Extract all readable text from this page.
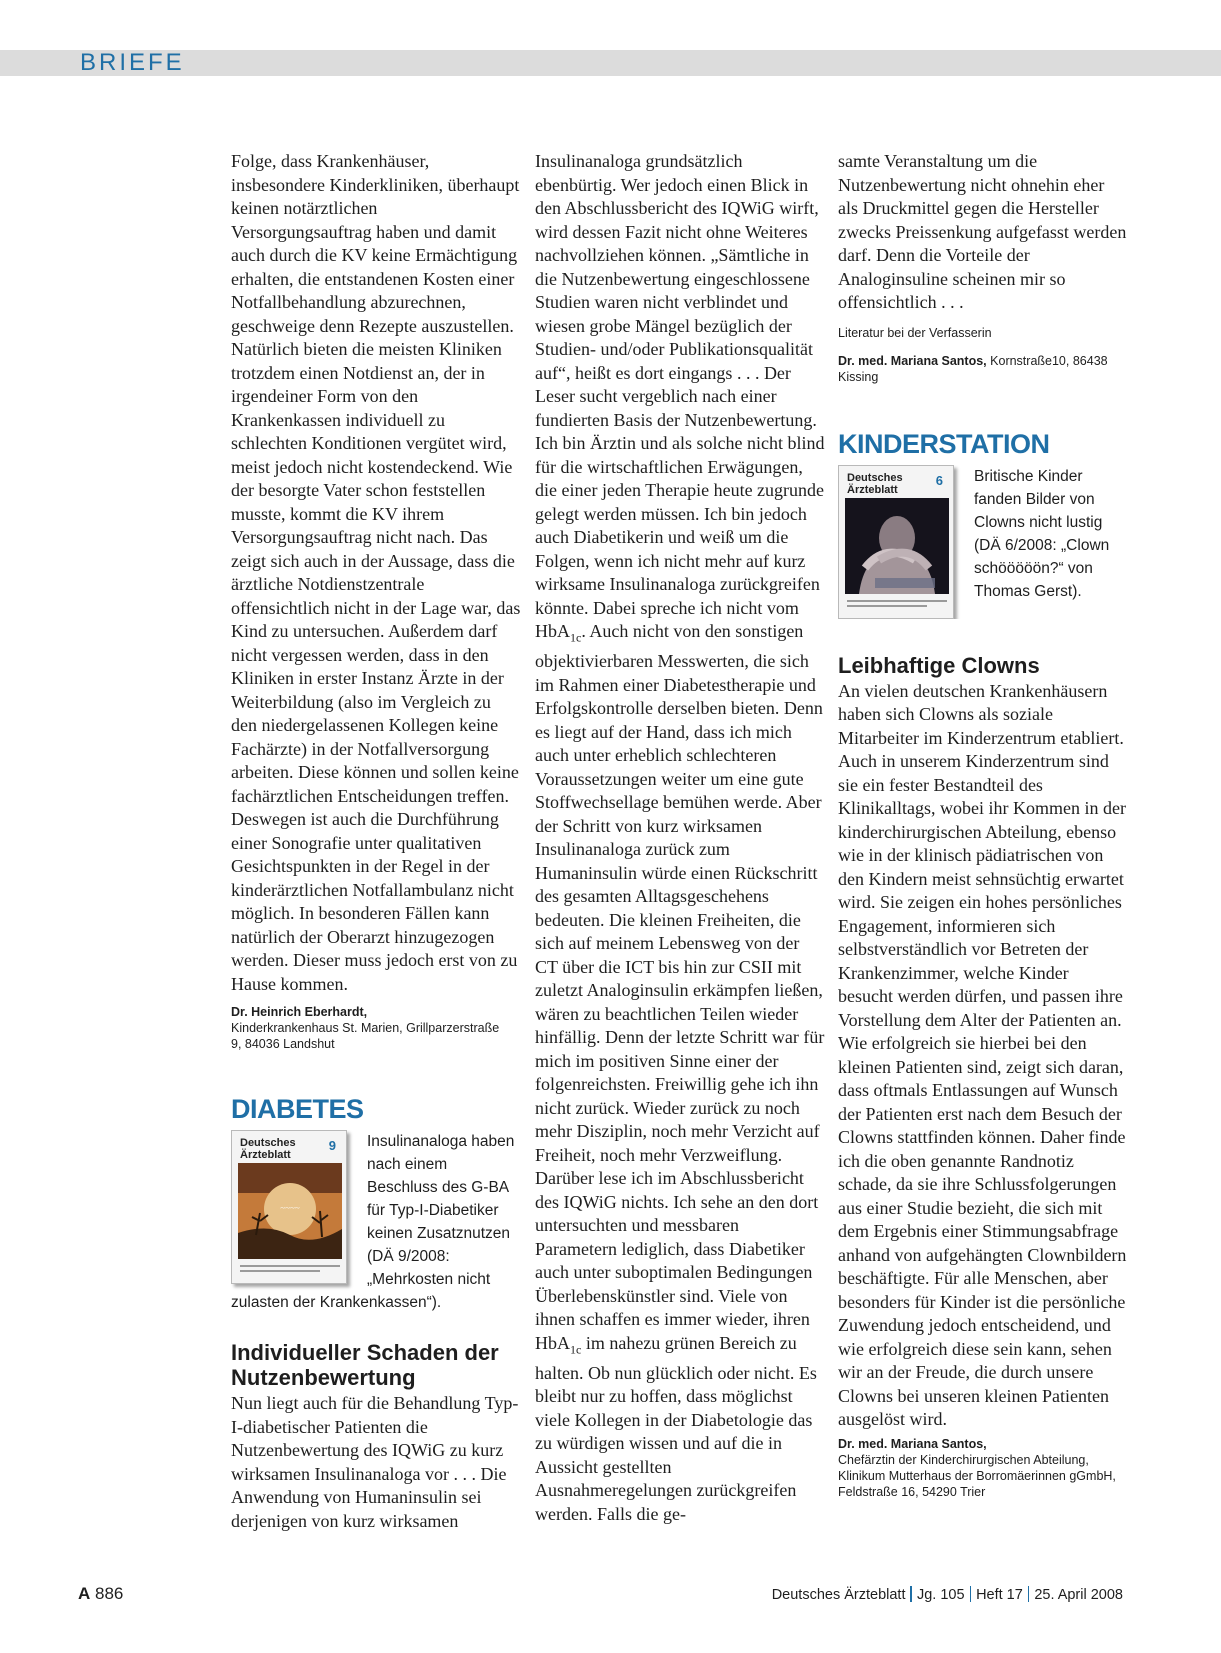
BRIEFE

Folge, dass Krankenhäuser, insbesondere Kinderkliniken, überhaupt keinen notärztlichen Versorgungsauftrag haben und damit auch durch die KV keine Ermächtigung erhalten, die entstandenen Kosten einer Notfallbehandlung abzurechnen, geschweige denn Rezepte auszustellen. Natürlich bieten die meisten Kliniken trotzdem einen Notdienst an, der in irgendeiner Form von den Krankenkassen individuell zu schlechten Konditionen vergütet wird, meist jedoch nicht kostendeckend. Wie der besorgte Vater schon feststellen musste, kommt die KV ihrem Versorgungsauftrag nicht nach. Das zeigt sich auch in der Aussage, dass die ärztliche Notdienstzentrale offensichtlich nicht in der Lage war, das Kind zu untersuchen. Außerdem darf nicht vergessen werden, dass in den Kliniken in erster Instanz Ärzte in der Weiterbildung (also im Vergleich zu den niedergelassenen Kollegen keine Fachärzte) in der Notfallversorgung arbeiten. Diese können und sollen keine fachärztlichen Entscheidungen treffen. Deswegen ist auch die Durchführung einer Sonografie unter qualitativen Gesichtspunkten in der Regel in der kinderärztlichen Notfallambulanz nicht möglich. In besonderen Fällen kann natürlich der Oberarzt hinzugezogen werden. Dieser muss jedoch erst von zu Hause kommen.

Dr. Heinrich Eberhardt,
Kinderkrankenhaus St. Marien, Grillparzerstraße 9, 84036 Landshut
DIABETES
Deutsches
Ärzteblatt
9
~~~~
Insulinanaloga haben nach einem Beschluss des G-BA für Typ-I-Diabetiker keinen Zusatznutzen (DÄ 9/2008: „Mehrkosten nicht zulasten der Krankenkassen“).
Individueller Schaden der Nutzenbewertung
Nun liegt auch für die Behandlung Typ-I-diabetischer Patienten die Nutzenbewertung des IQWiG zu kurz wirksamen Insulinanaloga vor . . . Die Anwendung von Humaninsulin sei derjenigen von kurz wirksamen
Insulinanaloga grundsätzlich ebenbürtig. Wer jedoch einen Blick in den Abschlussbericht des IQWiG wirft, wird dessen Fazit nicht ohne Weiteres nachvollziehen können. „Sämtliche in die Nutzenbewertung eingeschlossene Studien waren nicht verblindet und wiesen grobe Mängel bezüglich der Studien- und/oder Publikationsqualität auf“, heißt es dort eingangs . . . Der Leser sucht vergeblich nach einer fundierten Basis der Nutzenbewertung. Ich bin Ärztin und als solche nicht blind für die wirtschaftlichen Erwägungen, die einer jeden Therapie heute zugrunde gelegt werden müssen. Ich bin jedoch auch Diabetikerin und weiß um die Folgen, wenn ich nicht mehr auf kurz wirksame Insulinanaloga zurückgreifen könnte. Dabei spreche ich nicht vom HbA$_{1c}$. Auch nicht von den sonstigen objektivierbaren Messwerten, die sich im Rahmen einer Diabetestherapie und Erfolgskontrolle derselben bieten. Denn es liegt auf der Hand, dass ich mich auch unter erheblich schlechteren Voraussetzungen weiter um eine gute Stoffwechsellage bemühen werde. Aber der Schritt von kurz wirksamen Insulinanaloga zurück zum Humaninsulin würde einen Rückschritt des gesamten Alltagsgeschehens bedeuten. Die kleinen Freiheiten, die sich auf meinem Lebensweg von der CT über die ICT bis hin zur CSII mit zuletzt Analoginsulin erkämpfen ließen, wären zu beachtlichen Teilen wieder hinfällig. Denn der letzte Schritt war für mich im positiven Sinne einer der folgenreichsten. Freiwillig gehe ich ihn nicht zurück. Wieder zurück zu noch mehr Disziplin, noch mehr Verzicht auf Freiheit, noch mehr Verzweiflung. Darüber lese ich im Abschlussbericht des IQWiG nichts. Ich sehe an den dort untersuchten und messbaren Parametern lediglich, dass Diabetiker auch unter suboptimalen Bedingungen Überlebenskünstler sind. Viele von ihnen schaffen es immer wieder, ihren HbA$_{1c}$ im nahezu grünen Bereich zu halten. Ob nun glücklich oder nicht. Es bleibt nur zu hoffen, dass möglichst viele Kollegen in der Diabetologie das zu würdigen wissen und auf die in Aussicht gestellten Ausnahmeregelungen zurückgreifen werden. Falls die ge-
samte Veranstaltung um die Nutzenbewertung nicht ohnehin eher als Druckmittel gegen die Hersteller zwecks Preissenkung aufgefasst werden darf. Denn die Vorteile der Analoginsuline scheinen mir so offensichtlich . . .
Literatur bei der Verfasserin
Dr. med. Mariana Santos, Kornstraße10, 86438 Kissing
KINDERSTATION
Deutsches
Ärzteblatt
6	Britische Kinder fanden Bilder von Clowns nicht lustig (DÄ 6/2008: „Clown schööööön?“ von Thomas Gerst).
Leibhaftige Clowns
An vielen deutschen Krankenhäusern haben sich Clowns als soziale Mitarbeiter im Kinderzentrum etabliert. Auch in unserem Kinderzentrum sind sie ein fester Bestandteil des Klinikalltags, wobei ihr Kommen in der kinderchirurgischen Abteilung, ebenso wie in der klinisch pädiatrischen von den Kindern meist sehnsüchtig erwartet wird. Sie zeigen ein hohes persönliches Engagement, informieren sich selbstverständlich vor Betreten der Krankenzimmer, welche Kinder besucht werden dürfen, und passen ihre Vorstellung dem Alter der Patienten an. Wie erfolgreich sie hierbei bei den kleinen Patienten sind, zeigt sich daran, dass oftmals Entlassungen auf Wunsch der Patienten erst nach dem Besuch der Clowns stattfinden können. Daher finde ich die oben genannte Randnotiz schade, da sie ihre Schlussfolgerungen aus einer Studie bezieht, die sich mit dem Ergebnis einer Stimmungsabfrage anhand von aufgehängten Clownbildern beschäftigte. Für alle Menschen, aber besonders für Kinder ist die persönliche Zuwendung jedoch entscheidend, und wie erfolgreich diese sein kann, sehen wir an der Freude, die durch unsere Clowns bei unseren kleinen Patienten ausgelöst wird.
Dr. med. Mariana Santos,
Chefärztin der Kinderchirurgischen Abteilung,
Klinikum Mutterhaus der Borromäerinnen gGmbH,
Feldstraße 16, 54290 Trier
A 886	Deutsches Ärzteblatt Jg. 105 Heft 17 25. April 2008
